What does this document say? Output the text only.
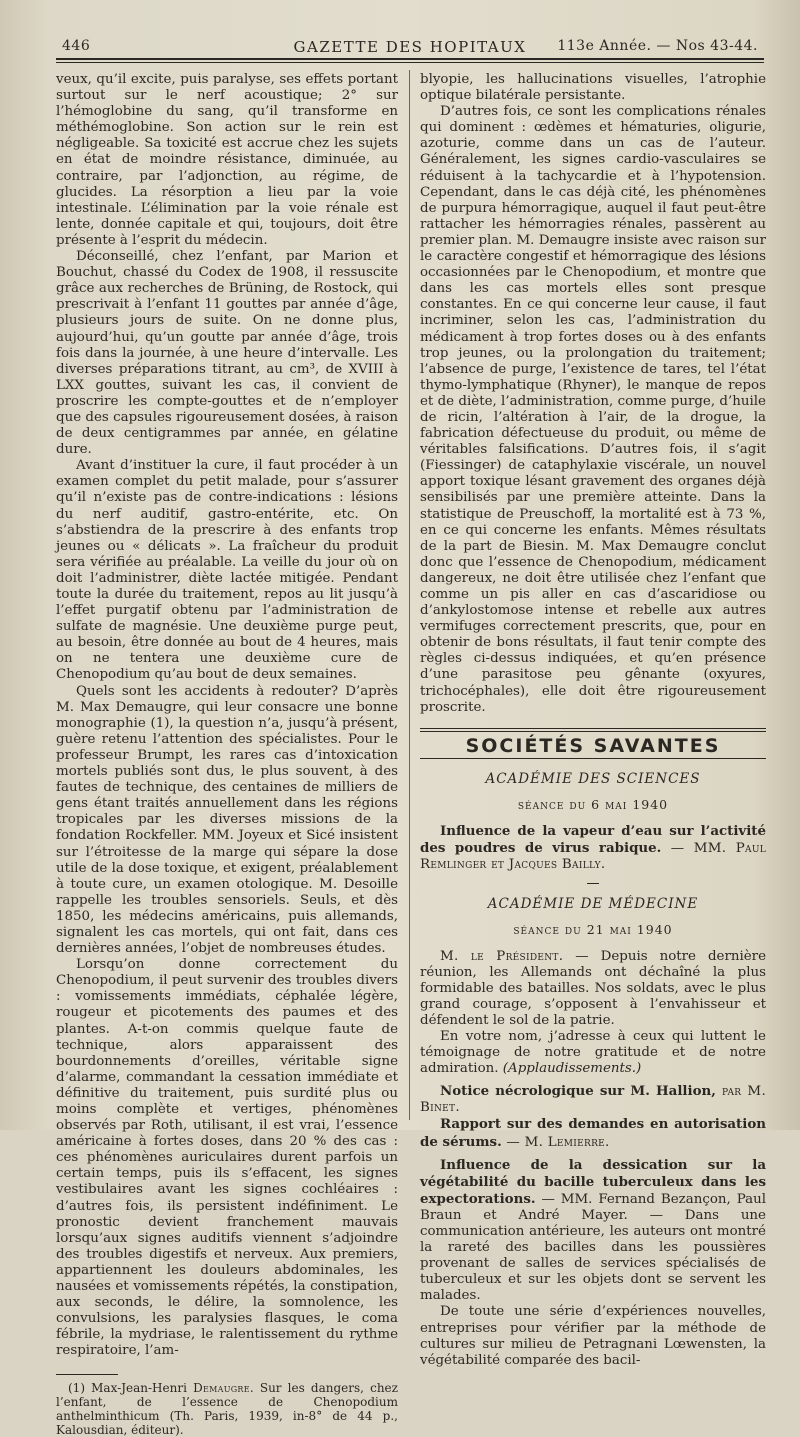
446	GAZETTE DES HOPITAUX	113e Année. — Nos 43-44.

veux, qu’il excite, puis paralyse, ses effets portant surtout sur le nerf acoustique; 2° sur l’hémoglobine du sang, qu’il transforme en méthémoglobine. Son action sur le rein est négligeable. Sa toxicité est accrue chez les sujets en état de moindre résistance, diminuée, au contraire, par l’adjonction, au régime, de glucides. La résorption a lieu par la voie intestinale. L’élimination par la voie rénale est lente, donnée capitale et qui, toujours, doit être présente à l’esprit du médecin.

Déconseillé, chez l’enfant, par Marion et Bouchut, chassé du Codex de 1908, il ressuscite grâce aux recherches de Brüning, de Rostock, qui prescrivait à l’enfant 11 gouttes par année d’âge, plusieurs jours de suite. On ne donne plus, aujourd’hui, qu’un goutte par année d’âge, trois fois dans la journée, à une heure d’intervalle. Les diverses préparations titrant, au cm³, de XVIII à LXX gouttes, suivant les cas, il convient de proscrire les compte-gouttes et de n’employer que des capsules rigoureusement dosées, à raison de deux centigrammes par année, en gélatine dure.

Avant d’instituer la cure, il faut procéder à un examen complet du petit malade, pour s’assurer qu’il n’existe pas de contre-indications : lésions du nerf auditif, gastro-entérite, etc. On s’abstiendra de la prescrire à des enfants trop jeunes ou « délicats ». La fraîcheur du produit sera vérifiée au préalable. La veille du jour où on doit l’administrer, diète lactée mitigée. Pendant toute la durée du traitement, repos au lit jusqu’à l’effet purgatif obtenu par l’administration de sulfate de magnésie. Une deuxième purge peut, au besoin, être donnée au bout de 4 heures, mais on ne tentera une deuxième cure de Chenopodium qu’au bout de deux semaines.

Quels sont les accidents à redouter? D’après M. Max Demaugre, qui leur consacre une bonne monographie (1), la question n’a, jusqu’à présent, guère retenu l’attention des spécialistes. Pour le professeur Brumpt, les rares cas d’intoxication mortels publiés sont dus, le plus souvent, à des fautes de technique, des centaines de milliers de gens étant traités annuellement dans les régions tropicales par les diverses missions de la fondation Rockfeller. MM. Joyeux et Sicé insistent sur l’étroitesse de la marge qui sépare la dose utile de la dose toxique, et exigent, préalablement à toute cure, un examen otologique. M. Desoille rappelle les troubles sensoriels. Seuls, et dès 1850, les médecins américains, puis allemands, signalent les cas mortels, qui ont fait, dans ces dernières années, l’objet de nombreuses études.

Lorsqu’on donne correctement du Chenopodium, il peut survenir des troubles divers : vomissements immédiats, céphalée légère, rougeur et picotements des paumes et des plantes. A-t-on commis quelque faute de technique, alors apparaissent des bourdonnements d’oreilles, véritable signe d’alarme, commandant la cessation immédiate et définitive du traitement, puis surdité plus ou moins complète et vertiges, phénomènes observés par Roth, utilisant, il est vrai, l’essence américaine à fortes doses, dans 20 % des cas : ces phénomènes auriculaires durent parfois un certain temps, puis ils s’effacent, les signes vestibulaires avant les signes cochléaires : d’autres fois, ils persistent indéfiniment. Le pronostic devient franchement mauvais lorsqu’aux signes auditifs viennent s’adjoindre des troubles digestifs et nerveux. Aux premiers, appartiennent les douleurs abdominales, les nausées et vomissements répétés, la constipation, aux seconds, le délire, la somnolence, les convulsions, les paralysies flasques, le coma fébrile, la mydriase, le ralentissement du rythme respiratoire, l’am-

(1) Max-Jean-Henri Demaugre. Sur les dangers, chez l’enfant, de l’essence de Chenopodium anthelminthicum (Th. Paris, 1939, in-8° de 44 p., Kalousdian, éditeur).

blyopie, les hallucinations visuelles, l’atrophie optique bilatérale persistante.

D’autres fois, ce sont les complications rénales qui dominent : œdèmes et hématuries, oligurie, azoturie, comme dans un cas de l’auteur. Généralement, les signes cardio-vasculaires se réduisent à la tachycardie et à l’hypotension. Cependant, dans le cas déjà cité, les phénomènes de purpura hémorragique, auquel il faut peut-être rattacher les hémorragies rénales, passèrent au premier plan. M. Demaugre insiste avec raison sur le caractère congestif et hémorragique des lésions occasionnées par le Chenopodium, et montre que dans les cas mortels elles sont presque constantes. En ce qui concerne leur cause, il faut incriminer, selon les cas, l’administration du médicament à trop fortes doses ou à des enfants trop jeunes, ou la prolongation du traitement; l’absence de purge, l’existence de tares, tel l’état thymo-lymphatique (Rhyner), le manque de repos et de diète, l’administration, comme purge, d’huile de ricin, l’altération à l’air, de la drogue, la fabrication défectueuse du produit, ou même de véritables falsifications. D’autres fois, il s’agit (Fiessinger) de cataphylaxie viscérale, un nouvel apport toxique lésant gravement des organes déjà sensibilisés par une première atteinte. Dans la statistique de Preuschoff, la mortalité est à 73 %, en ce qui concerne les enfants. Mêmes résultats de la part de Biesin. M. Max Demaugre conclut donc que l’essence de Chenopodium, médicament dangereux, ne doit être utilisée chez l’enfant que comme un pis aller en cas d’ascaridiose ou d’ankylostomose intense et rebelle aux autres vermifuges correctement prescrits, que, pour en obtenir de bons résultats, il faut tenir compte des règles ci-dessus indiquées, et qu’en présence d’une parasitose peu gênante (oxyures, trichocéphales), elle doit être rigoureusement proscrite.

SOCIÉTÉS SAVANTES
ACADÉMIE DES SCIENCES
séance du 6 mai 1940

Influence de la vapeur d’eau sur l’activité des poudres de virus rabique. — MM. Paul Remlinger et Jacques Bailly.

ACADÉMIE DE MÉDECINE
séance du 21 mai 1940

M. le Président. — Depuis notre dernière réunion, les Allemands ont déchaîné la plus formidable des batailles. Nos soldats, avec le plus grand courage, s’opposent à l’envahisseur et défendent le sol de la patrie.

En votre nom, j’adresse à ceux qui luttent le témoignage de notre gratitude et de notre admiration. (Applaudissements.)

Notice nécrologique sur M. Hallion, par M. Binet.

Rapport sur des demandes en autorisation de sérums. — M. Lemierre.

Influence de la dessication sur la végétabilité du bacille tuberculeux dans les expectorations. — MM. Fernand Bezançon, Paul Braun et André Mayer. — Dans une communication antérieure, les auteurs ont montré la rareté des bacilles dans les poussières provenant de salles de services spécialisés de tuberculeux et sur les objets dont se servent les malades.

De toute une série d’expériences nouvelles, entreprises pour vérifier par la méthode de cultures sur milieu de Petragnani Lœwensten, la végétabilité comparée des bacil-
